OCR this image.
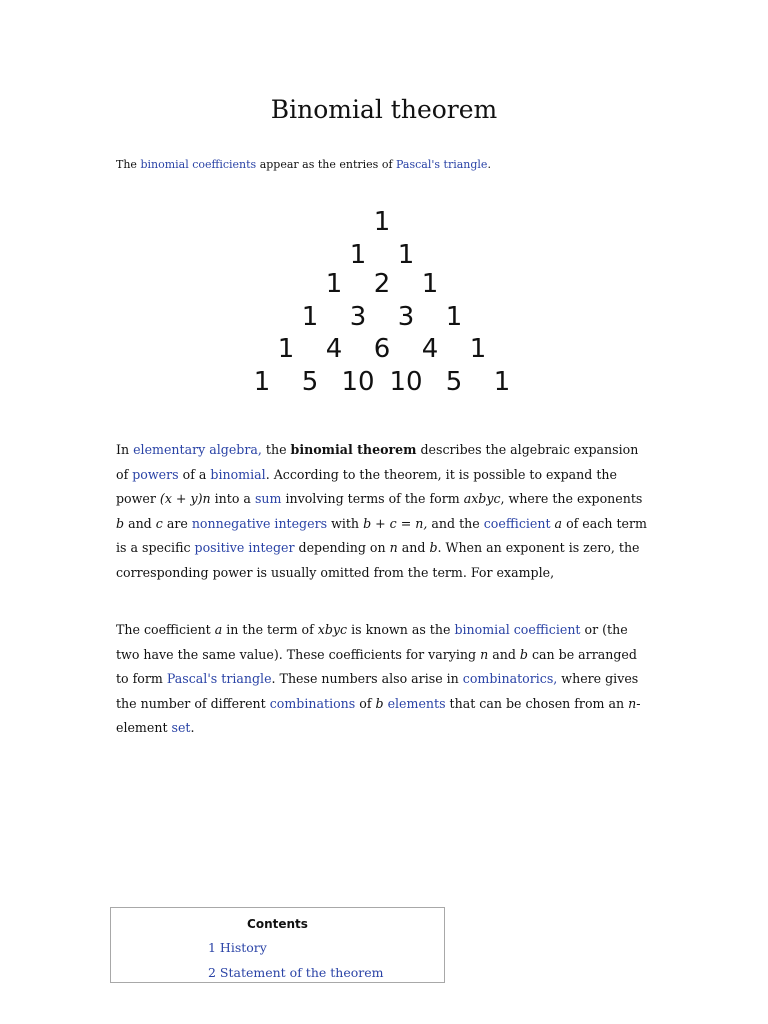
Binomial theorem

The binomial coefficients appear as the entries of Pascal's triangle.

1
1 1
1 2 1
1 3 3 1
1 4 6 4 1
1 5 10 10 5 1

In elementary algebra, the binomial theorem describes the algebraic expansion of powers of a binomial. According to the theorem, it is possible to expand the power (x + y)n into a sum involving terms of the form axbyc, where the exponents b and c are nonnegative integers with b + c = n, and the coefficient a of each term is a specific positive integer depending on n and b. When an exponent is zero, the corresponding power is usually omitted from the term. For example,

The coefficient a in the term of xbyc is known as the binomial coefficient or (the two have the same value). These coefficients for varying n and b can be arranged to form Pascal's triangle. These numbers also arise in combinatorics, where gives the number of different combinations of b elements that can be chosen from an n-element set.

Contents
1 History
2 Statement of the theorem
